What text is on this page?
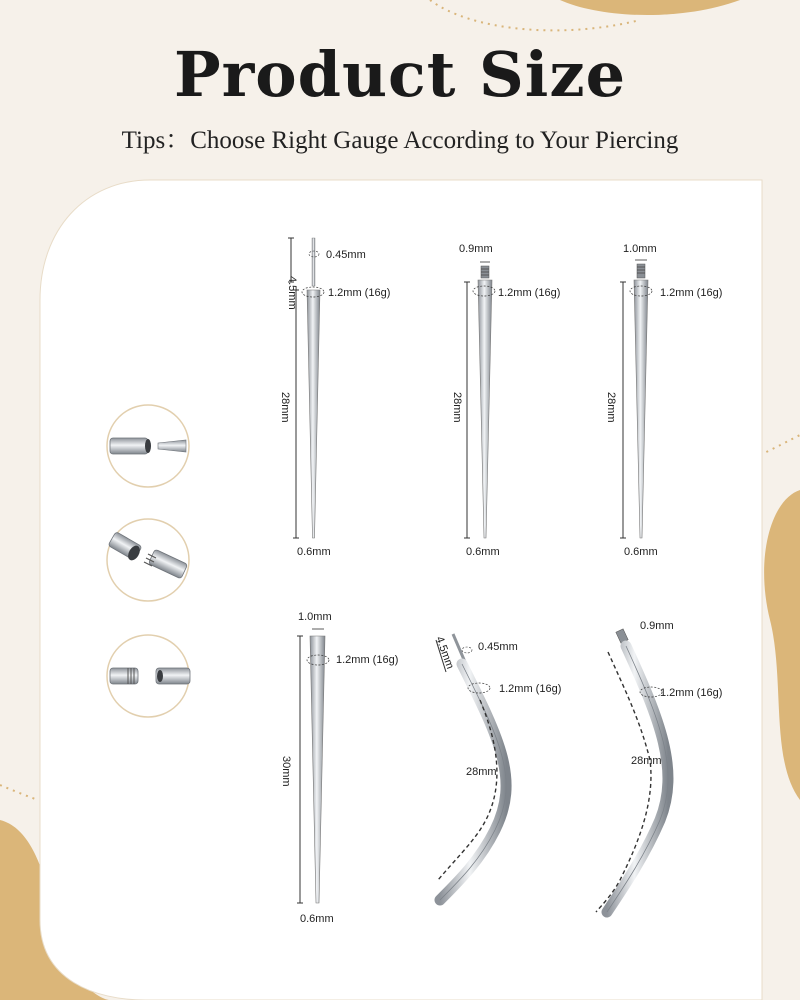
Product Size
Tips：Choose Right Gauge According to Your Piercing
0.45mm
1.2mm (16g)
4.5mm
28mm
0.6mm
0.9mm
1.2mm (16g)
28mm
0.6mm
1.0mm
1.2mm (16g)
28mm
0.6mm
1.0mm
1.2mm (16g)
30mm
0.6mm
0.45mm
1.2mm (16g)
4.5mm
28mm
0.9mm
1.2mm (16g)
28mm
